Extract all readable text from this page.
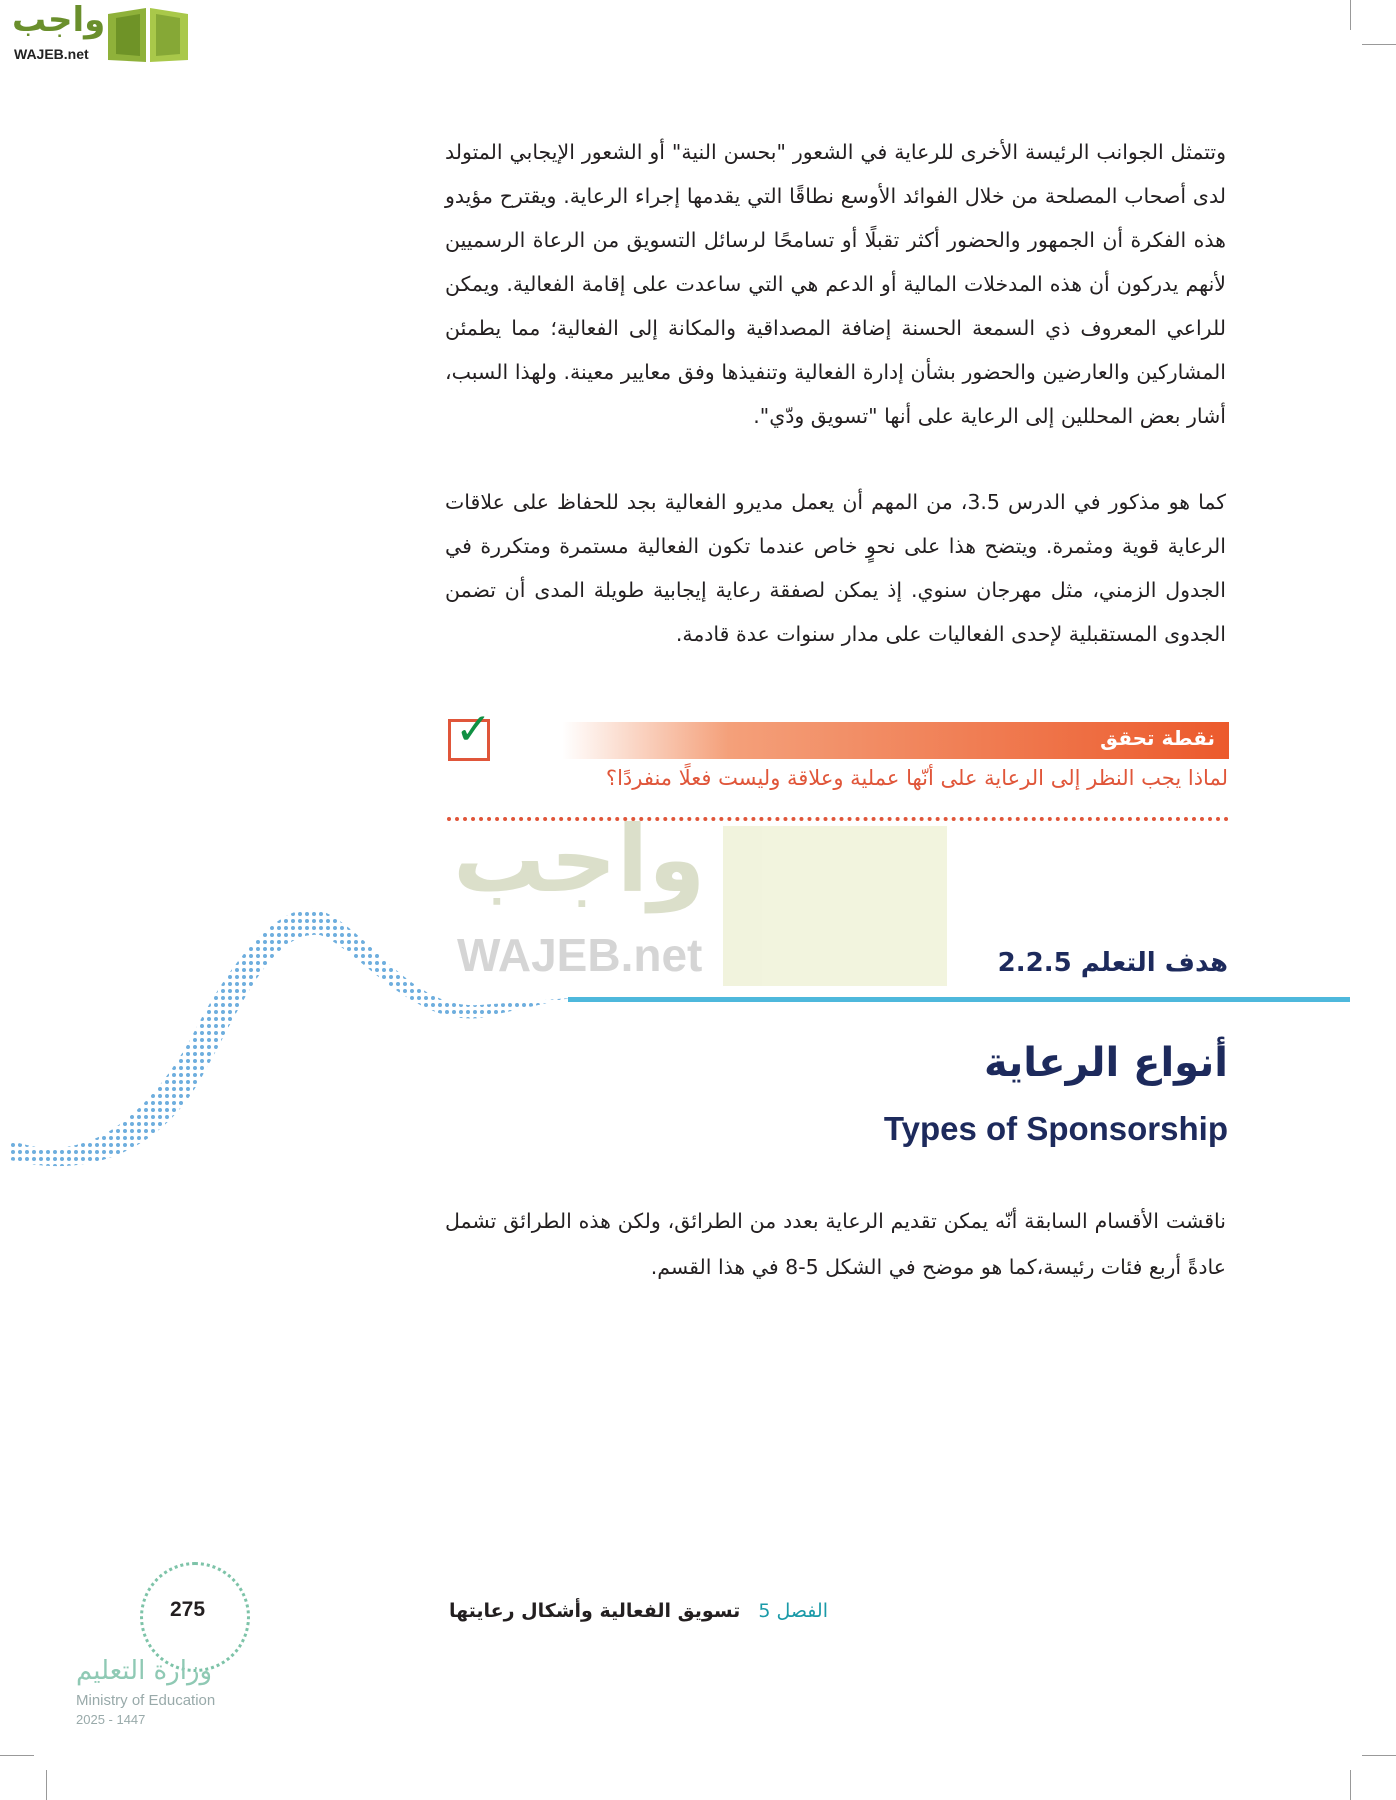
واجب
WAJEB.net
وتتمثل الجوانب الرئيسة الأخرى للرعاية في الشعور "بحسن النية" أو الشعور الإيجابي المتولد لدى أصحاب المصلحة من خلال الفوائد الأوسع نطاقًا التي يقدمها إجراء الرعاية. ويقترح مؤيدو هذه الفكرة أن الجمهور والحضور أكثر تقبلًا أو تسامحًا لرسائل التسويق من الرعاة الرسميين لأنهم يدركون أن هذه المدخلات المالية أو الدعم هي التي ساعدت على إقامة الفعالية. ويمكن للراعي المعروف ذي السمعة الحسنة إضافة المصداقية والمكانة إلى الفعالية؛ مما يطمئن المشاركين والعارضين والحضور بشأن إدارة الفعالية وتنفيذها وفق معايير معينة. ولهذا السبب، أشار بعض المحللين إلى الرعاية على أنها "تسويق ودّي".
كما هو مذكور في الدرس 3.5، من المهم أن يعمل مديرو الفعالية بجد للحفاظ على علاقات الرعاية قوية ومثمرة. ويتضح هذا على نحوٍ خاص عندما تكون الفعالية مستمرة ومتكررة في الجدول الزمني، مثل مهرجان سنوي. إذ يمكن لصفقة رعاية إيجابية طويلة المدى أن تضمن الجدوى المستقبلية لإحدى الفعاليات على مدار سنوات عدة قادمة.
✓	نقطة تحقق
لماذا يجب النظر إلى الرعاية على أنّها عملية وعلاقة وليست فعلًا منفردًا؟
واجب
WAJEB.net	هدف التعلم 2.2.5
أنواع الرعاية
Types of Sponsorship
ناقشت الأقسام السابقة أنّه يمكن تقديم الرعاية بعدد من الطرائق، ولكن هذه الطرائق تشمل عادةً أربع فئات رئيسة،كما هو موضح في الشكل 5-8 في هذا القسم.
الفصل 5تسويق الفعالية وأشكال رعايتها
275
وزارة التعليم
Ministry of Education
2025 - 1447
